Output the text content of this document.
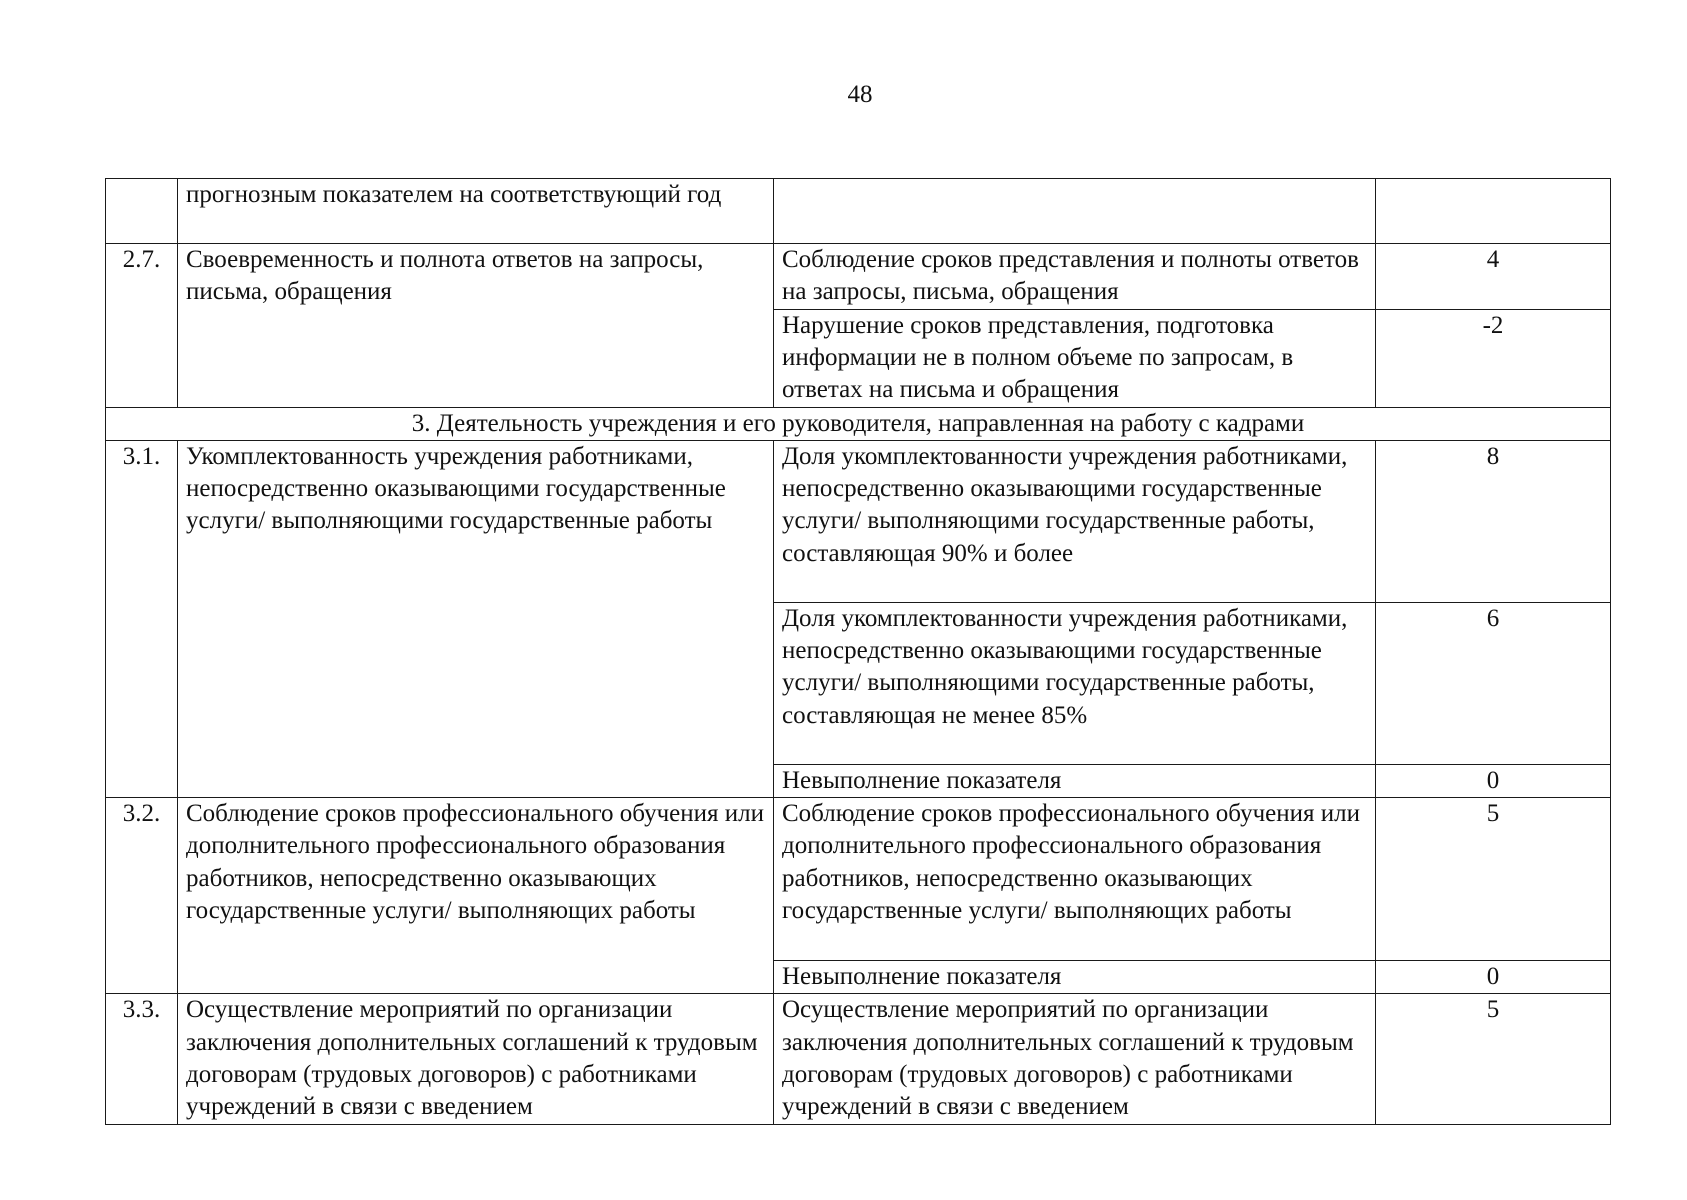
48
	прогнозным показателем на соответствующий год		
2.7.	Своевременность и полнота ответов на запросы, письма, обращения	Соблюдение сроков представления и полноты ответов на запросы, письма, обращения	4
		Нарушение сроков представления, подготовка информации не в полном объеме по запросам, в ответах на письма и обращения	-2
3. Деятельность учреждения и его руководителя, направленная на работу с кадрами			
3.1.	Укомплектованность учреждения работниками, непосредственно оказывающими государственные услуги/ выполняющими государственные работы	Доля укомплектованности учреждения работниками, непосредственно оказывающими государственные услуги/ выполняющими государственные работы, составляющая 90% и более	8
		Доля укомплектованности учреждения работниками, непосредственно оказывающими государственные услуги/ выполняющими государственные работы, составляющая не менее 85%	6
		Невыполнение показателя	0
3.2.	Соблюдение сроков профессионального обучения или дополнительного профессионального образования работников, непосредственно оказывающих государственные услуги/ выполняющих работы	Соблюдение сроков профессионального обучения или дополнительного профессионального образования работников, непосредственно оказывающих государственные услуги/ выполняющих работы	5
		Невыполнение показателя	0
3.3.	Осуществление мероприятий по организации заключения дополнительных соглашений к трудовым договорам (трудовых договоров) с работниками учреждений в связи с введением	Осуществление мероприятий по организации заключения дополнительных соглашений к трудовым договорам (трудовых договоров) с работниками учреждений в связи с введением	5
